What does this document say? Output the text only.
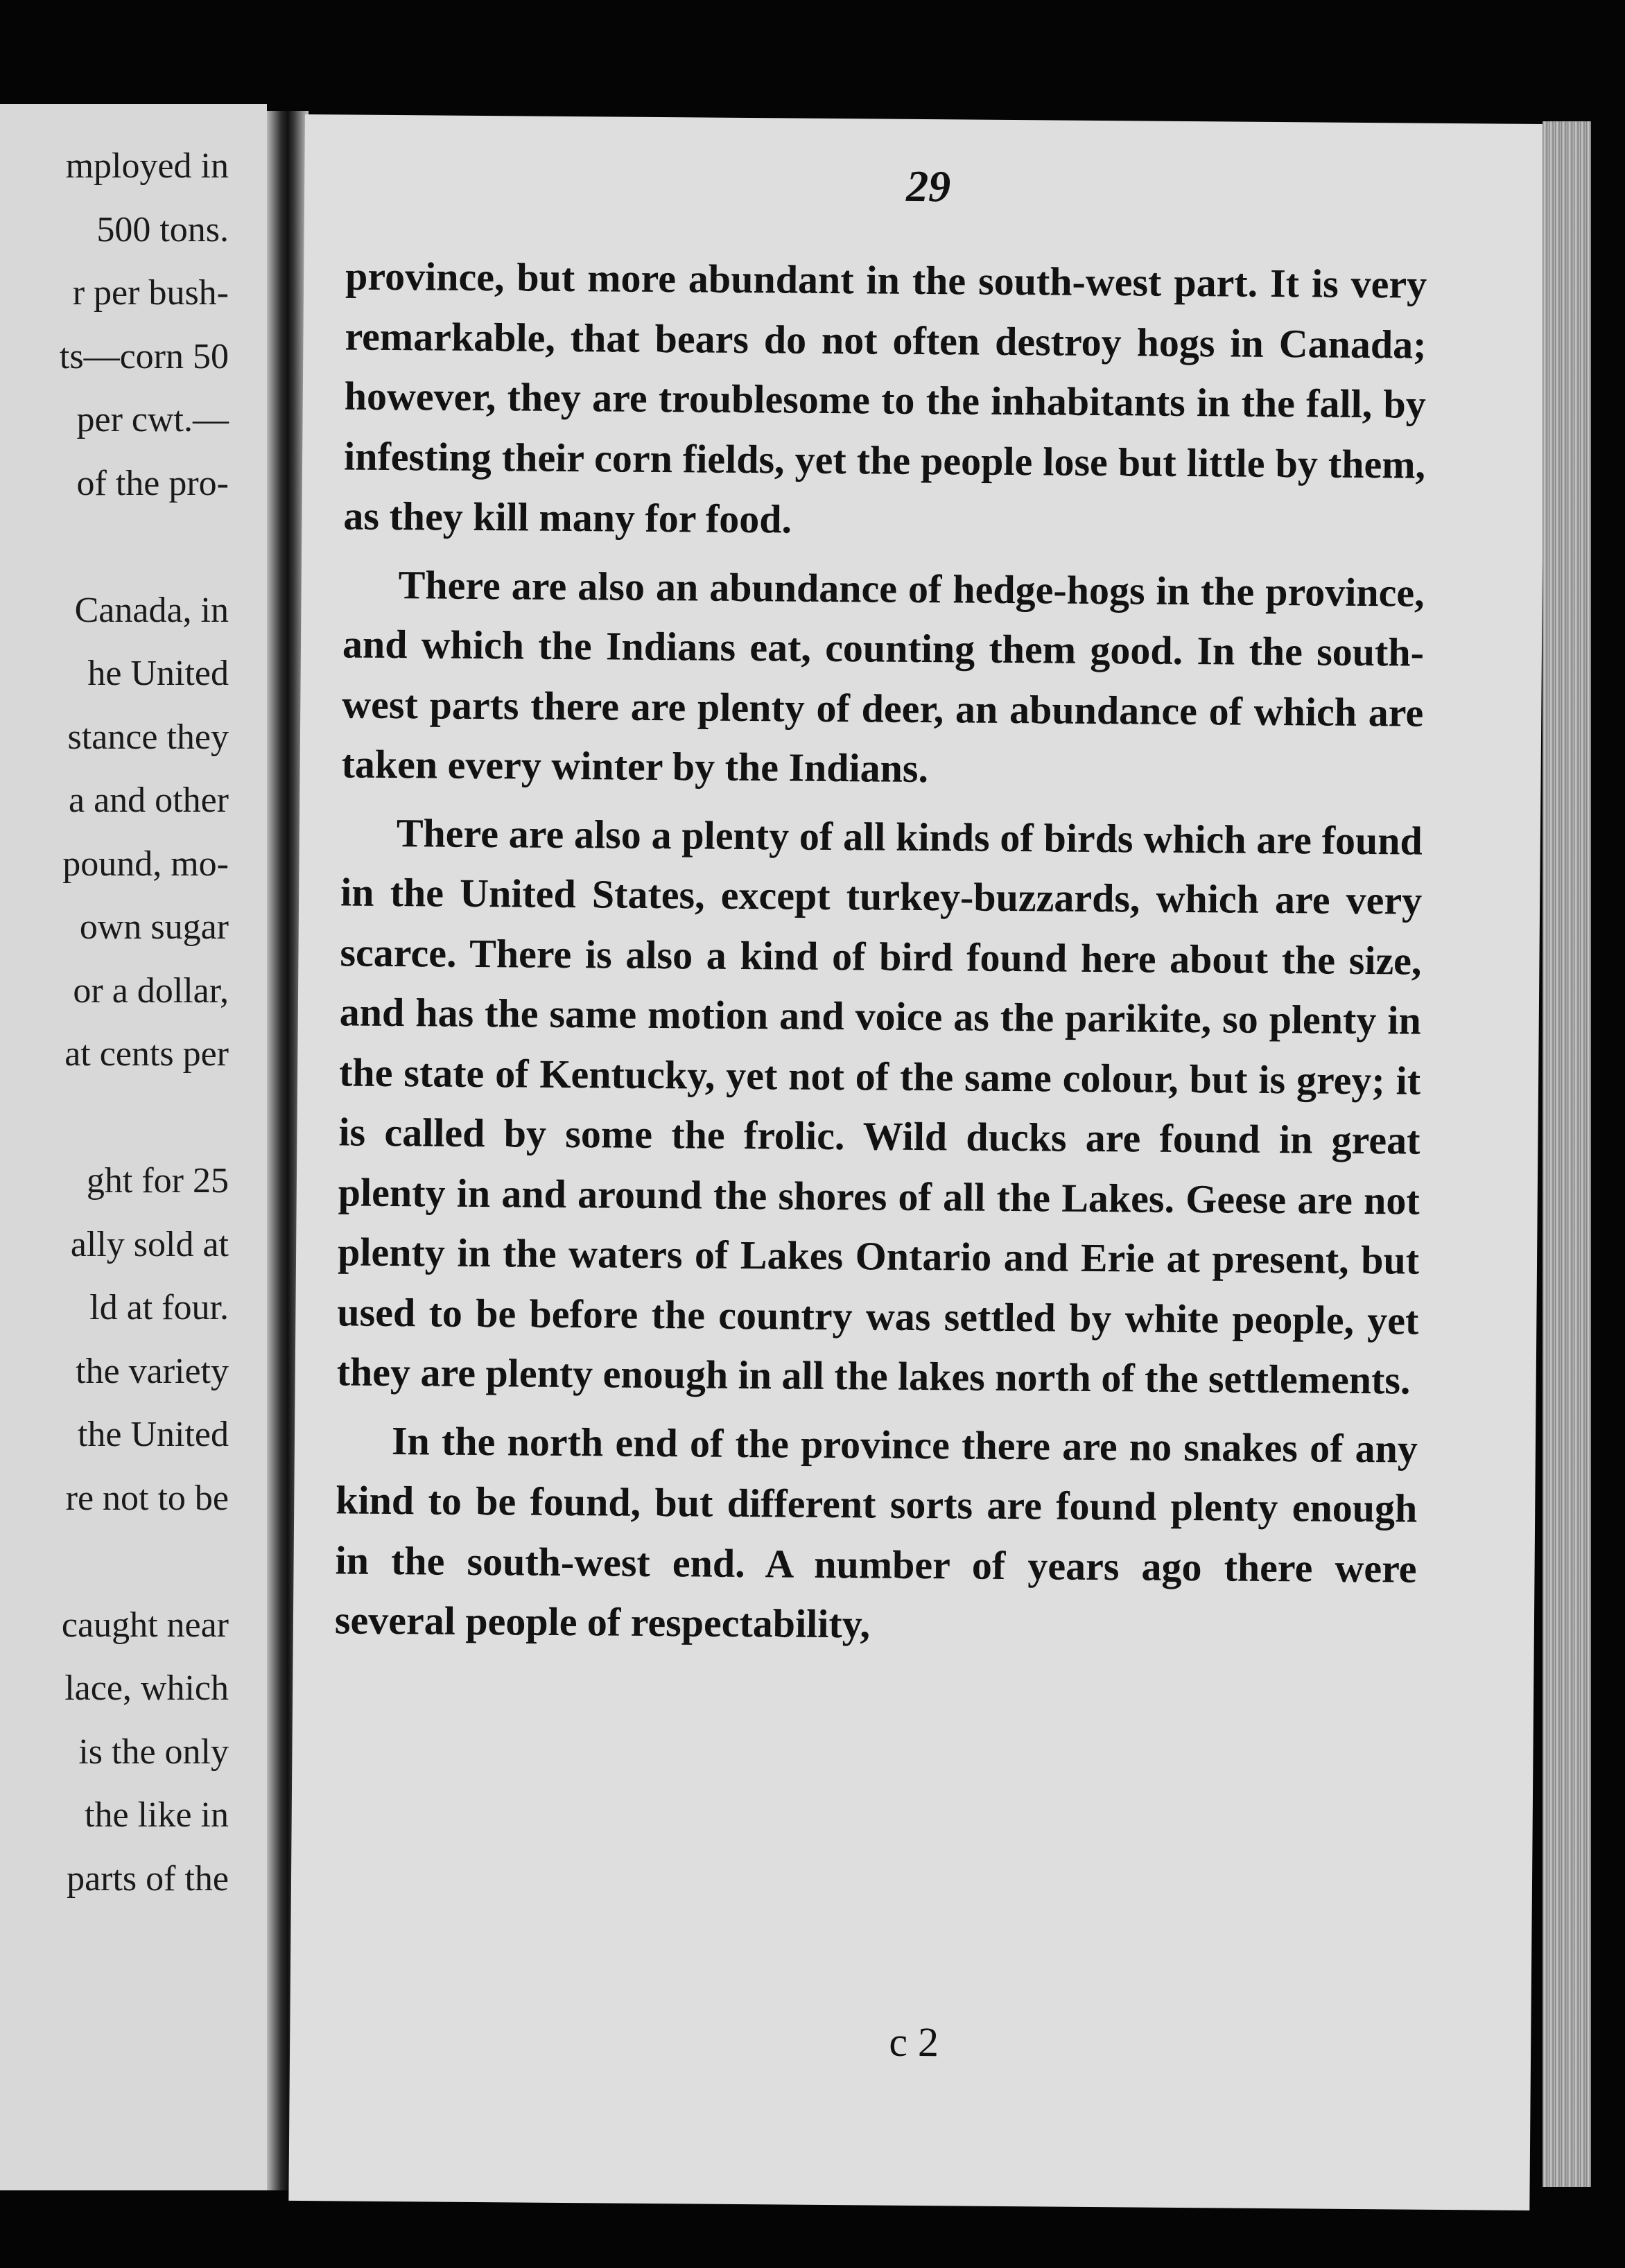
mployed in
500 tons.
r per bush-
ts—corn 50
per cwt.—
of the pro-
Canada, in
he United
stance they
a and other
pound, mo-
own sugar
or a dollar,
at cents per
ght for 25
ally sold at
ld at four.
the variety
the United
re not to be
caught near
lace, which
is the only
the like in
parts of the
29

province, but more abundant in the south-west part. It is very remarkable, that bears do not often destroy hogs in Canada; however, they are troublesome to the inhabitants in the fall, by infesting their corn fields, yet the people lose but little by them, as they kill many for food.

There are also an abundance of hedge-hogs in the province, and which the Indians eat, counting them good. In the south-west parts there are plenty of deer, an abundance of which are taken every winter by the Indians.

There are also a plenty of all kinds of birds which are found in the United States, except turkey-buzzards, which are very scarce. There is also a kind of bird found here about the size, and has the same motion and voice as the parikite, so plenty in the state of Kentucky, yet not of the same colour, but is grey; it is called by some the frolic. Wild ducks are found in great plenty in and around the shores of all the Lakes. Geese are not plenty in the waters of Lakes Ontario and Erie at present, but used to be before the country was settled by white people, yet they are plenty enough in all the lakes north of the settlements.

In the north end of the province there are no snakes of any kind to be found, but different sorts are found plenty enough in the south-west end. A number of years ago there were several people of respectability,

c 2
